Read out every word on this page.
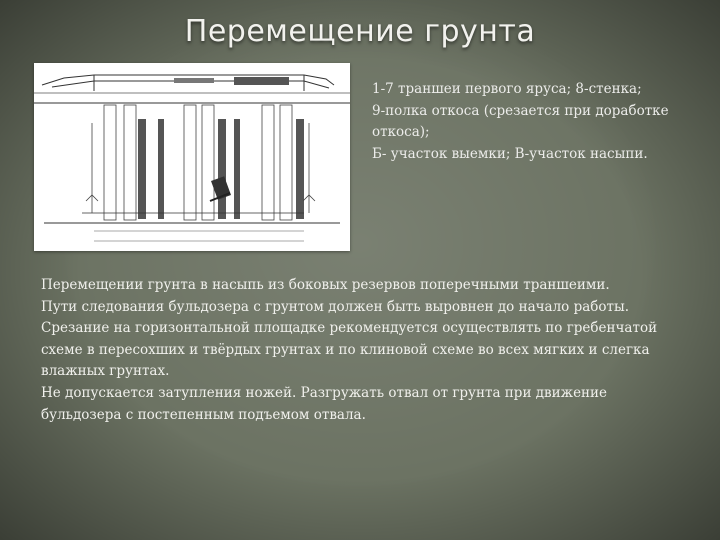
Перемещение грунта
1-7 траншеи первого яруса; 8-стенка;
9-полка откоса (срезается при доработке откоса);
Б- участок выемки; В-участок насыпи.

Перемещении грунта в насыпь из боковых резервов поперечными траншеими.

Пути следования бульдозера с грунтом должен быть выровнен до начало работы.

Срезание на горизонтальной площадке рекомендуется осуществлять по гребенчатой схеме в пересохших и твёрдых грунтах и по клиновой схеме во всех мягких и слегка влажных грунтах.

Не допускается затупления ножей. Разгружать отвал от грунта при движение бульдозера с постепенным подъемом отвала.
